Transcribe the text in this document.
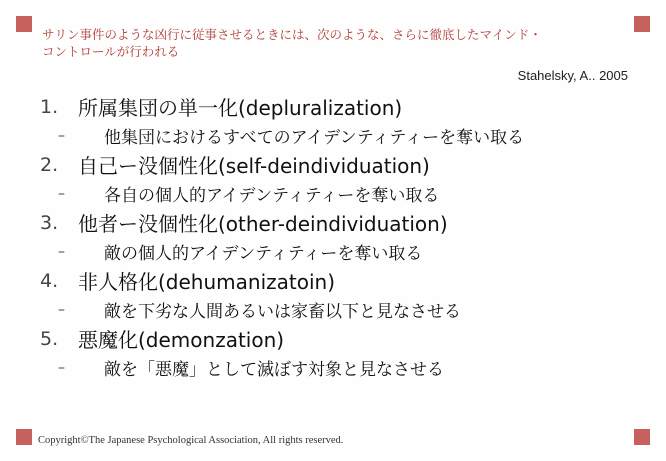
サリン事件のような凶行に従事させるときには、次のような、さらに徹底したマインド・
コントロールが行われる
Stahelsky, A.. 2005
1. 所属集団の単一化(depluralization)
–	他集団におけるすべてのアイデンティティーを奪い取る
2. 自己ー没個性化(self-deindividuation)
–	各自の個人的アイデンティティーを奪い取る
3. 他者ー没個性化(other-deindividuation)
–	敵の個人的アイデンティティーを奪い取る
4. 非人格化(dehumanizatoin)
–	敵を下劣な人間あるいは家畜以下と見なさせる
5. 悪魔化(demonzation)
–	敵を「悪魔」として滅ぼす対象と見なさせる
Copyright©The Japanese Psychological Association, All rights reserved.
